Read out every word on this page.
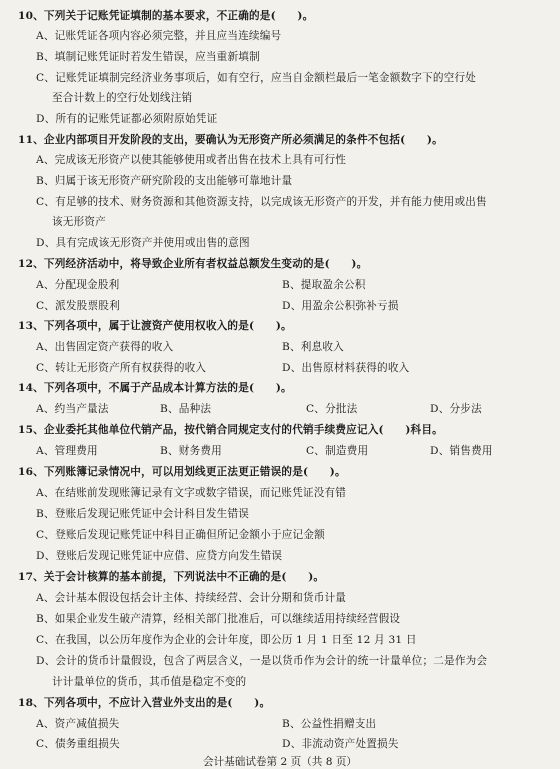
10、下列关于记账凭证填制的基本要求，不正确的是(　　)。
A、记账凭证各项内容必须完整，并且应当连续编号
B、填制记账凭证时若发生错误，应当重新填制
C、记账凭证填制完经济业务事项后，如有空行，应当自金额栏最后一笔金额数字下的空行处
至合计数上的空行处划线注销
D、所有的记账凭证都必须附原始凭证
11、企业内部项目开发阶段的支出，要确认为无形资产所必须满足的条件不包括(　　)。
A、完成该无形资产以使其能够使用或者出售在技术上具有可行性
B、归属于该无形资产研究阶段的支出能够可靠地计量
C、有足够的技术、财务资源和其他资源支持，以完成该无形资产的开发，并有能力使用或出售
该无形资产
D、具有完成该无形资产并使用或出售的意图
12、下列经济活动中，将导致企业所有者权益总额发生变动的是(　　)。
A、分配现金股利	B、提取盈余公积
C、派发股票股利	D、用盈余公积弥补亏损
13、下列各项中，属于让渡资产使用权收入的是(　　)。
A、出售固定资产获得的收入	B、利息收入
C、转让无形资产所有权获得的收入	D、出售原材料获得的收入
14、下列各项中，不属于产品成本计算方法的是(　　)。
A、约当产量法	B、品种法	C、分批法	D、分步法
15、企业委托其他单位代销产品，按代销合同规定支付的代销手续费应记入(　　)科目。
A、管理费用	B、财务费用	C、制造费用	D、销售费用
16、下列账簿记录情况中，可以用划线更正法更正错误的是(　　)。
A、在结账前发现账簿记录有文字或数字错误，而记账凭证没有错
B、登账后发现记账凭证中会计科目发生错误
C、登账后发现记账凭证中科目正确但所记金额小于应记金额
D、登账后发现记账凭证中应借、应贷方向发生错误
17、关于会计核算的基本前提，下列说法中不正确的是(　　)。
A、会计基本假设包括会计主体、持续经营、会计分期和货币计量
B、如果企业发生破产清算，经相关部门批准后，可以继续适用持续经营假设
C、在我国，以公历年度作为企业的会计年度，即公历 1 月 1 日至 12 月 31 日
D、会计的货币计量假设，包含了两层含义，一是以货币作为会计的统一计量单位；二是作为会
计计量单位的货币，其币值是稳定不变的
18、下列各项中，不应计入营业外支出的是(　　)。
A、资产减值损失	B、公益性捐赠支出
C、债务重组损失	D、非流动资产处置损失
会计基础试卷第 2 页（共 8 页）
